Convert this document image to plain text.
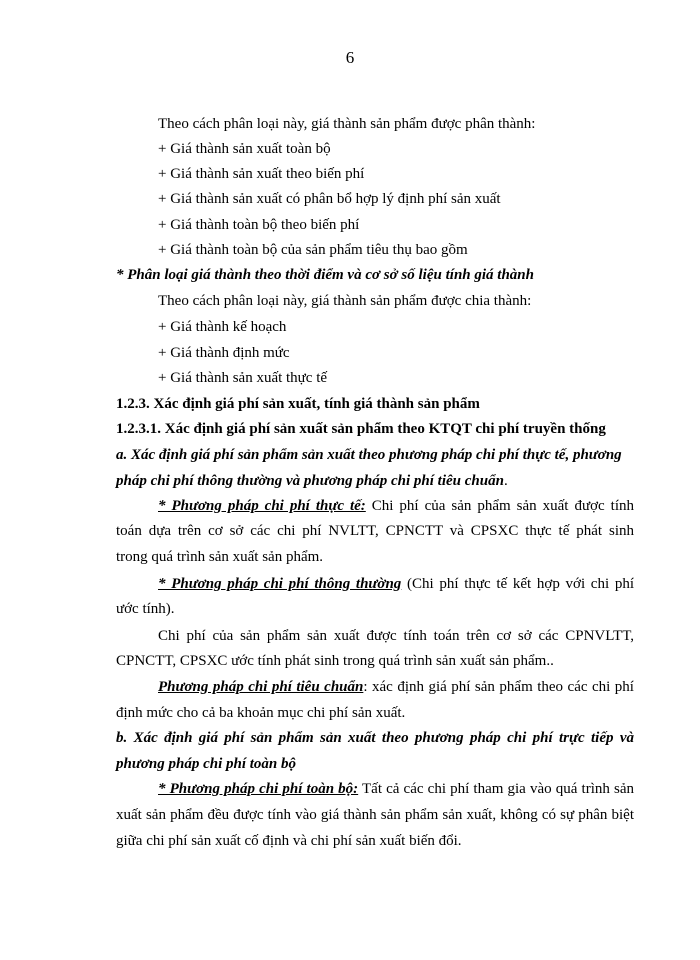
6
Theo cách phân loại này, giá thành sản phẩm được phân thành:
+ Giá thành sản xuất toàn bộ
+ Giá thành sản xuất theo biến phí
+ Giá thành sản xuất có phân bổ hợp lý định phí sản xuất
+ Giá thành toàn bộ theo biến phí
+ Giá thành toàn bộ của sản phẩm tiêu thụ bao gồm
* Phân loại giá thành theo thời điểm và cơ sở số liệu tính giá thành
Theo cách phân loại này, giá thành sản phẩm được chia thành:
+ Giá thành kế hoạch
+ Giá thành định mức
+ Giá thành sản xuất thực tế
1.2.3. Xác định giá phí sản xuất, tính giá thành sản phẩm
1.2.3.1. Xác định giá phí sản xuất sản phẩm theo KTQT chi phí truyền thống
a. Xác định giá phí sản phẩm sản xuất theo phương pháp chi phí thực tế, phương
pháp chi phí thông thường và phương pháp chi phí tiêu chuẩn.
* Phương pháp chi phí thực tế: Chi phí của sản phẩm sản xuất được tính
toán dựa trên cơ sở các chi phí NVLTT, CPNCTT và CPSXC thực tế phát sinh
trong quá trình sản xuất sản phẩm.
* Phương pháp chi phí thông thường (Chi phí thực tế kết hợp với chi phí
ước tính).
Chi phí của sản phẩm sản xuất được tính toán trên cơ sở các CPNVLTT,
CPNCTT, CPSXC ước tính phát sinh trong quá trình sản xuất sản phẩm..
Phương pháp chi phí tiêu chuẩn: xác định giá phí sản phẩm theo các chi phí
định mức cho cả ba khoản mục chi phí sản xuất.
b. Xác định giá phí sản phẩm sản xuất theo phương pháp chi phí trực tiếp và
phương pháp chi phí toàn bộ
* Phương pháp chi phí toàn bộ: Tất cả các chi phí tham gia vào quá trình sản
xuất sản phẩm đều được tính vào giá thành sản phẩm sản xuất, không có sự phân biệt
giữa chi phí sản xuất cố định và chi phí sản xuất biến đổi.
